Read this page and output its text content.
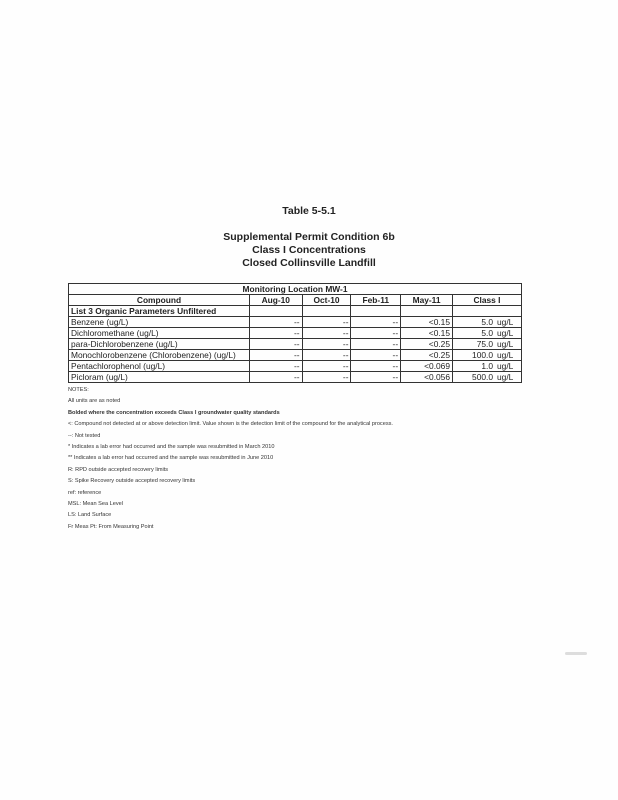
Table 5-5.1
Supplemental Permit Condition 6b
Class I Concentrations
Closed Collinsville Landfill
Monitoring Location MW-1						
Compound	Aug-10	Oct-10	Feb-11	May-11	Class I	
List 3 Organic Parameters Unfiltered						
Benzene (ug/L)	--	--	--	<0.15	5.0	ug/L
Dichloromethane (ug/L)	--	--	--	<0.15	5.0	ug/L
para-Dichlorobenzene (ug/L)	--	--	--	<0.25	75.0	ug/L
Monochlorobenzene (Chlorobenzene) (ug/L)	--	--	--	<0.25	100.0	ug/L
Pentachlorophenol (ug/L)	--	--	--	<0.069	1.0	ug/L
Picloram (ug/L)	--	--	--	<0.056	500.0	ug/L
NOTES:
All units are as noted
Bolded where the concentration exceeds Class I groundwater quality standards
<: Compound not detected at or above detection limit. Value shown is the detection limit of the compound for the analytical process.
--: Not tested
* Indicates a lab error had occurred and the sample was resubmitted in March 2010
** Indicates a lab error had occurred and the sample was resubmitted in June 2010
R: RPD outside accepted recovery limits
S: Spike Recovery outside accepted recovery limits
ref: reference
MSL: Mean Sea Level
LS: Land Surface
Fr Meas Pt: From Measuring Point
